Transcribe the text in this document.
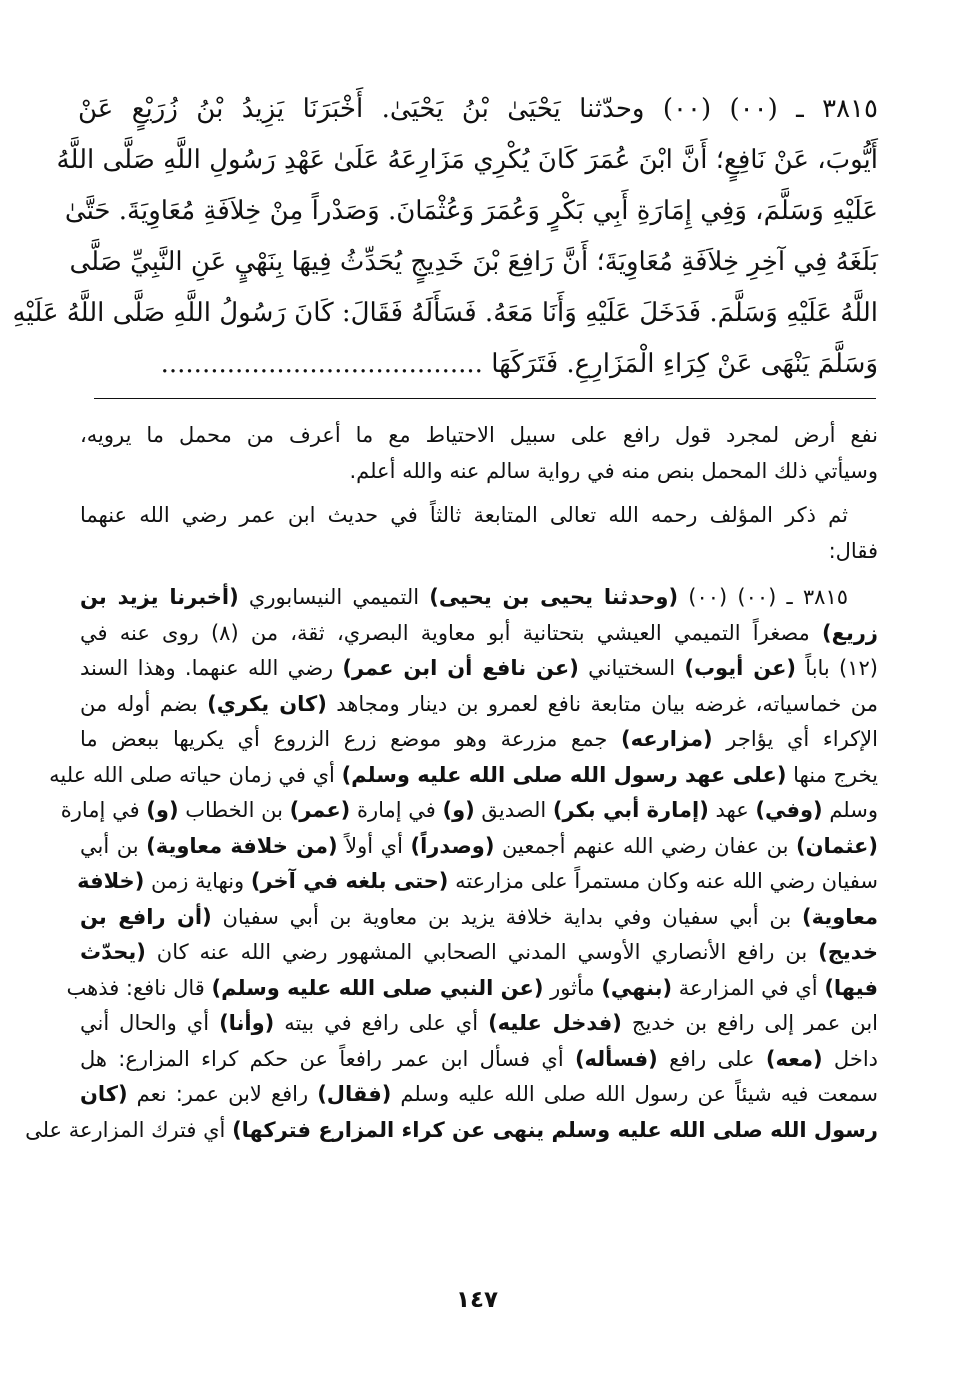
٣٨١٥ ـ (٠٠) (٠٠) وحدّثنا يَحْيَىٰ بْنُ يَحْيَىٰ. أَخْبَرَنَا يَزِيدُ بْنُ زُرَيْعٍ عَنْ
أَيُّوبَ، عَنْ نَافِعٍ؛ أَنَّ ابْنَ عُمَرَ كَانَ يُكْرِي مَزَارِعَهُ عَلَىٰ عَهْدِ رَسُولِ اللَّهِ صَلَّى اللَّهُ
عَلَيْهِ وَسَلَّمَ، وَفِي إِمَارَةِ أَبِي بَكْرٍ وَعُمَرَ وَعُثْمَانَ. وَصَدْراً مِنْ خِلاَفَةِ مُعَاوِيَةَ. حَتَّىٰ
بَلَغَهُ فِي آخِرِ خِلاَفَةِ مُعَاوِيَةَ؛ أَنَّ رَافِعَ بْنَ خَدِيجٍ يُحَدِّثُ فِيهَا بِنَهْيٍ عَنِ النَّبِيِّ صَلَّى
اللَّهُ عَلَيْهِ وَسَلَّمَ. فَدَخَلَ عَلَيْهِ وَأَنَا مَعَهُ. فَسَأَلَهُ فَقَالَ: كَانَ رَسُولُ اللَّهِ صَلَّى اللَّهُ عَلَيْهِ
وَسَلَّمَ يَنْهَى عَنْ كِرَاءِ الْمَزَارِعِ. فَتَرَكَهَا .......................................

نفع أرض لمجرد قول رافع على سبيل الاحتياط مع ما أعرف من محمل ما يرويه،
وسيأتي ذلك المحمل بنص منه في رواية سالم عنه والله أعلم.

ثم ذكر المؤلف رحمه الله تعالى المتابعة ثالثاً في حديث ابن عمر رضي الله عنهما
فقال:

٣٨١٥ ـ (٠٠) (٠٠) (وحدثنا يحيى بن يحيى) التميمي النيسابوري (أخبرنا يزيد بن
زريع) مصغراً التميمي العيشي بتحتانية أبو معاوية البصري، ثقة، من (٨) روى عنه في
(١٢) باباً (عن أيوب) السختياني (عن نافع أن ابن عمر) رضي الله عنهما. وهذا السند
من خماسياته، غرضه بيان متابعة نافع لعمرو بن دينار ومجاهد (كان يكري) بضم أوله من
الإكراء أي يؤاجر (مزارعه) جمع مزرعة وهو موضع زرع الزروع أي يكريها ببعض ما
يخرج منها (على عهد رسول الله صلى الله عليه وسلم) أي في زمان حياته صلى الله عليه
وسلم (وفي) عهد (إمارة أبي بكر) الصديق (و) في إمارة (عمر) بن الخطاب (و) في إمارة
(عثمان) بن عفان رضي الله عنهم أجمعين (وصدراً) أي أولاً (من خلافة معاوية) بن أبي
سفيان رضي الله عنه وكان مستمراً على مزارعته (حتى بلغه في آخر) ونهاية زمن (خلافة
معاوية) بن أبي سفيان وفي بداية خلافة يزيد بن معاوية بن أبي سفيان (أن رافع بن
خديج) بن رافع الأنصاري الأوسي المدني الصحابي المشهور رضي الله عنه كان (يحدّث
فيها) أي في المزارعة (بنهي) مأثور (عن النبي صلى الله عليه وسلم) قال نافع: فذهب
ابن عمر إلى رافع بن خديج (فدخل عليه) أي على رافع في بيته (وأنا) أي والحال أني
داخل (معه) على رافع (فسأله) أي فسأل ابن عمر رافعاً عن حكم كراء المزارع: هل
سمعت فيه شيئاً عن رسول الله صلى الله عليه وسلم (فقال) رافع لابن عمر: نعم (كان
رسول الله صلى الله عليه وسلم ينهى عن كراء المزارع فتركها) أي فترك المزارعة على

١٤٧
